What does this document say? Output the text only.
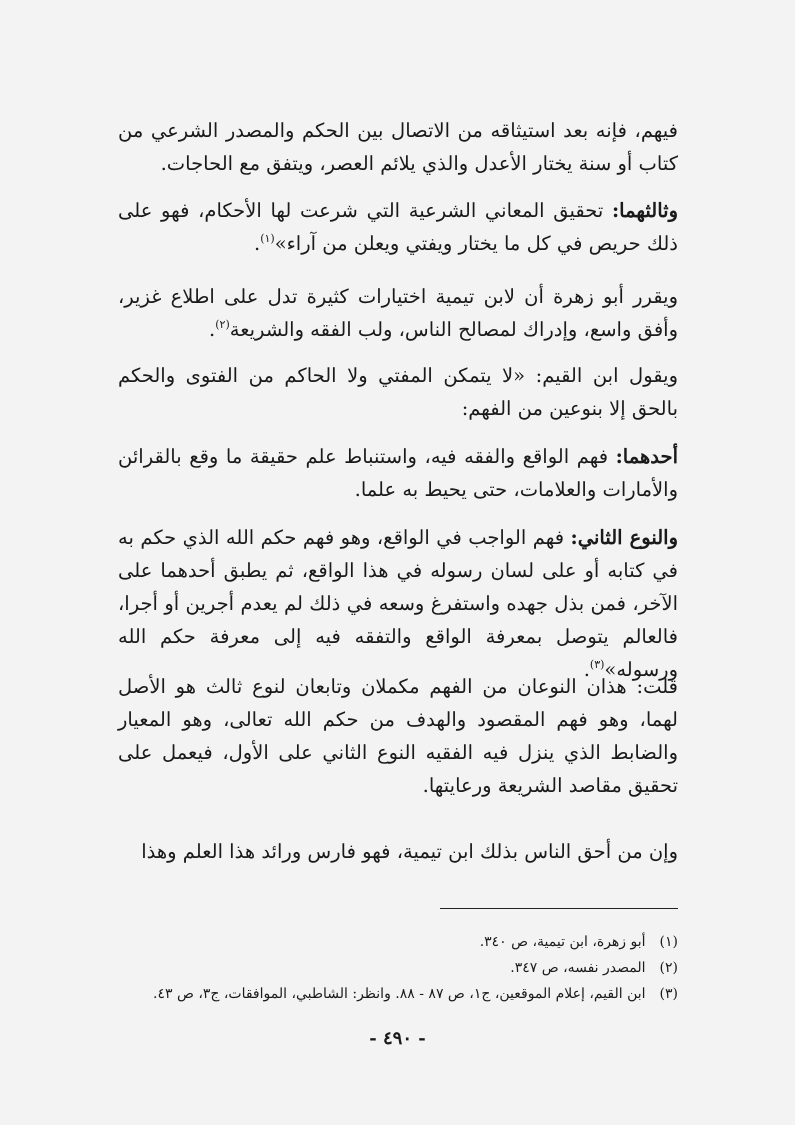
فيهم، فإنه بعد استيثاقه من الاتصال بين الحكم والمصدر الشرعي من كتاب أو سنة يختار الأعدل والذي يلائم العصر، ويتفق مع الحاجات.

وثالثهما: تحقيق المعاني الشرعية التي شرعت لها الأحكام، فهو على ذلك حريص في كل ما يختار ويفتي ويعلن من آراء»$^{(١)}$.

ويقرر أبو زهرة أن لابن تيمية اختيارات كثيرة تدل على اطلاع غزير، وأفق واسع، وإدراك لمصالح الناس، ولب الفقه والشريعة$^{(٢)}$.

ويقول ابن القيم: «لا يتمكن المفتي ولا الحاكم من الفتوى والحكم بالحق إلا بنوعين من الفهم:

أحدهما: فهم الواقع والفقه فيه، واستنباط علم حقيقة ما وقع بالقرائن والأمارات والعلامات، حتى يحيط به علما.

والنوع الثاني: فهم الواجب في الواقع، وهو فهم حكم الله الذي حكم به في كتابه أو على لسان رسوله في هذا الواقع، ثم يطبق أحدهما على الآخر، فمن بذل جهده واستفرغ وسعه في ذلك لم يعدم أجرين أو أجرا، فالعالم يتوصل بمعرفة الواقع والتفقه فيه إلى معرفة حكم الله ورسوله»$^{(٣)}$.

قلت: هذان النوعان من الفهم مكملان وتابعان لنوع ثالث هو الأصل لهما، وهو فهم المقصود والهدف من حكم الله تعالى، وهو المعيار والضابط الذي ينزل فيه الفقيه النوع الثاني على الأول، فيعمل على تحقيق مقاصد الشريعة ورعايتها.

وإن من أحق الناس بذلك ابن تيمية، فهو فارس ورائد هذا العلم وهذا

(١)أبو زهرة، ابن تيمية، ص ٣٤٠.

(٢)المصدر نفسه، ص ٣٤٧.

(٣)ابن القيم، إعلام الموقعين، ج١، ص ٨٧ - ٨٨. وانظر: الشاطبي، الموافقات، ج٣، ص ٤٣.

- ٤٩٠ -
